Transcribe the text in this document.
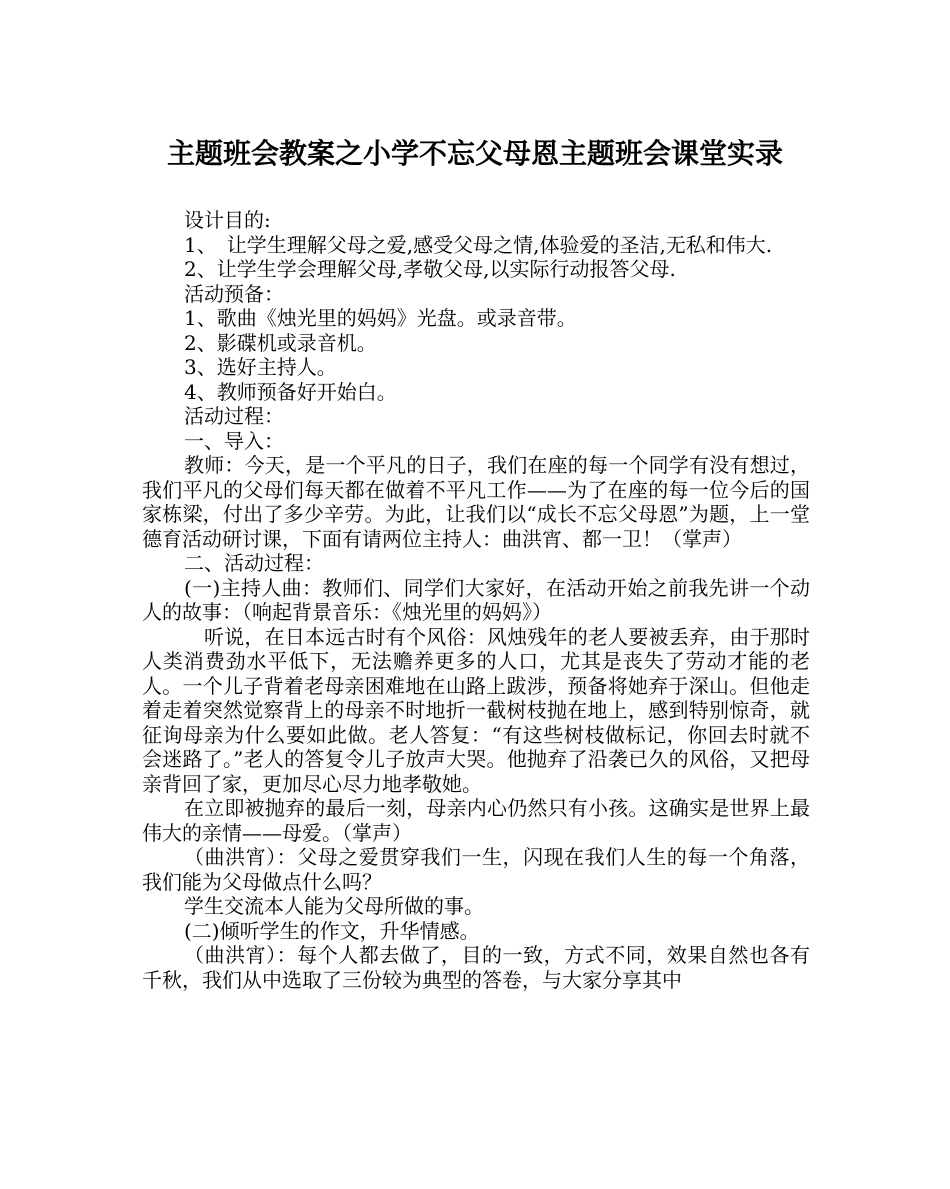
主题班会教案之小学不忘父母恩主题班会课堂实录

设计目的:

1、　让学生理解父母之爱,感受父母之情,体验爱的圣洁,无私和伟大.

2、让学生学会理解父母,孝敬父母,以实际行动报答父母.

活动预备：

1、歌曲《烛光里的妈妈》光盘。或录音带。

2、影碟机或录音机。

3、选好主持人。

4、教师预备好开始白。

活动过程：

一、导入：

教师：今天，是一个平凡的日子，我们在座的每一个同学有没有想过，我们平凡的父母们每天都在做着不平凡工作——为了在座的每一位今后的国家栋梁，付出了多少辛劳。为此，让我们以“成长不忘父母恩”为题，上一堂德育活动研讨课，下面有请两位主持人：曲洪宵、都一卫！（掌声）

二、活动过程：

(一)主持人曲：教师们、同学们大家好，在活动开始之前我先讲一个动人的故事：（响起背景音乐：《烛光里的妈妈》）

听说，在日本远古时有个风俗：风烛残年的老人要被丢弃，由于那时人类消费劲水平低下，无法赡养更多的人口，尤其是丧失了劳动才能的老人。一个儿子背着老母亲困难地在山路上跋涉，预备将她弃于深山。但他走着走着突然觉察背上的母亲不时地折一截树枝抛在地上，感到特别惊奇，就征询母亲为什么要如此做。老人答复：“有这些树枝做标记，你回去时就不会迷路了。”老人的答复令儿子放声大哭。他抛弃了沿袭已久的风俗，又把母亲背回了家，更加尽心尽力地孝敬她。

在立即被抛弃的最后一刻，母亲内心仍然只有小孩。这确实是世界上最伟大的亲情——母爱。（掌声）

（曲洪宵）：父母之爱贯穿我们一生，闪现在我们人生的每一个角落，我们能为父母做点什么吗？

学生交流本人能为父母所做的事。

(二)倾听学生的作文，升华情感。

（曲洪宵）：每个人都去做了，目的一致，方式不同，效果自然也各有千秋，我们从中选取了三份较为典型的答卷，与大家分享其中
